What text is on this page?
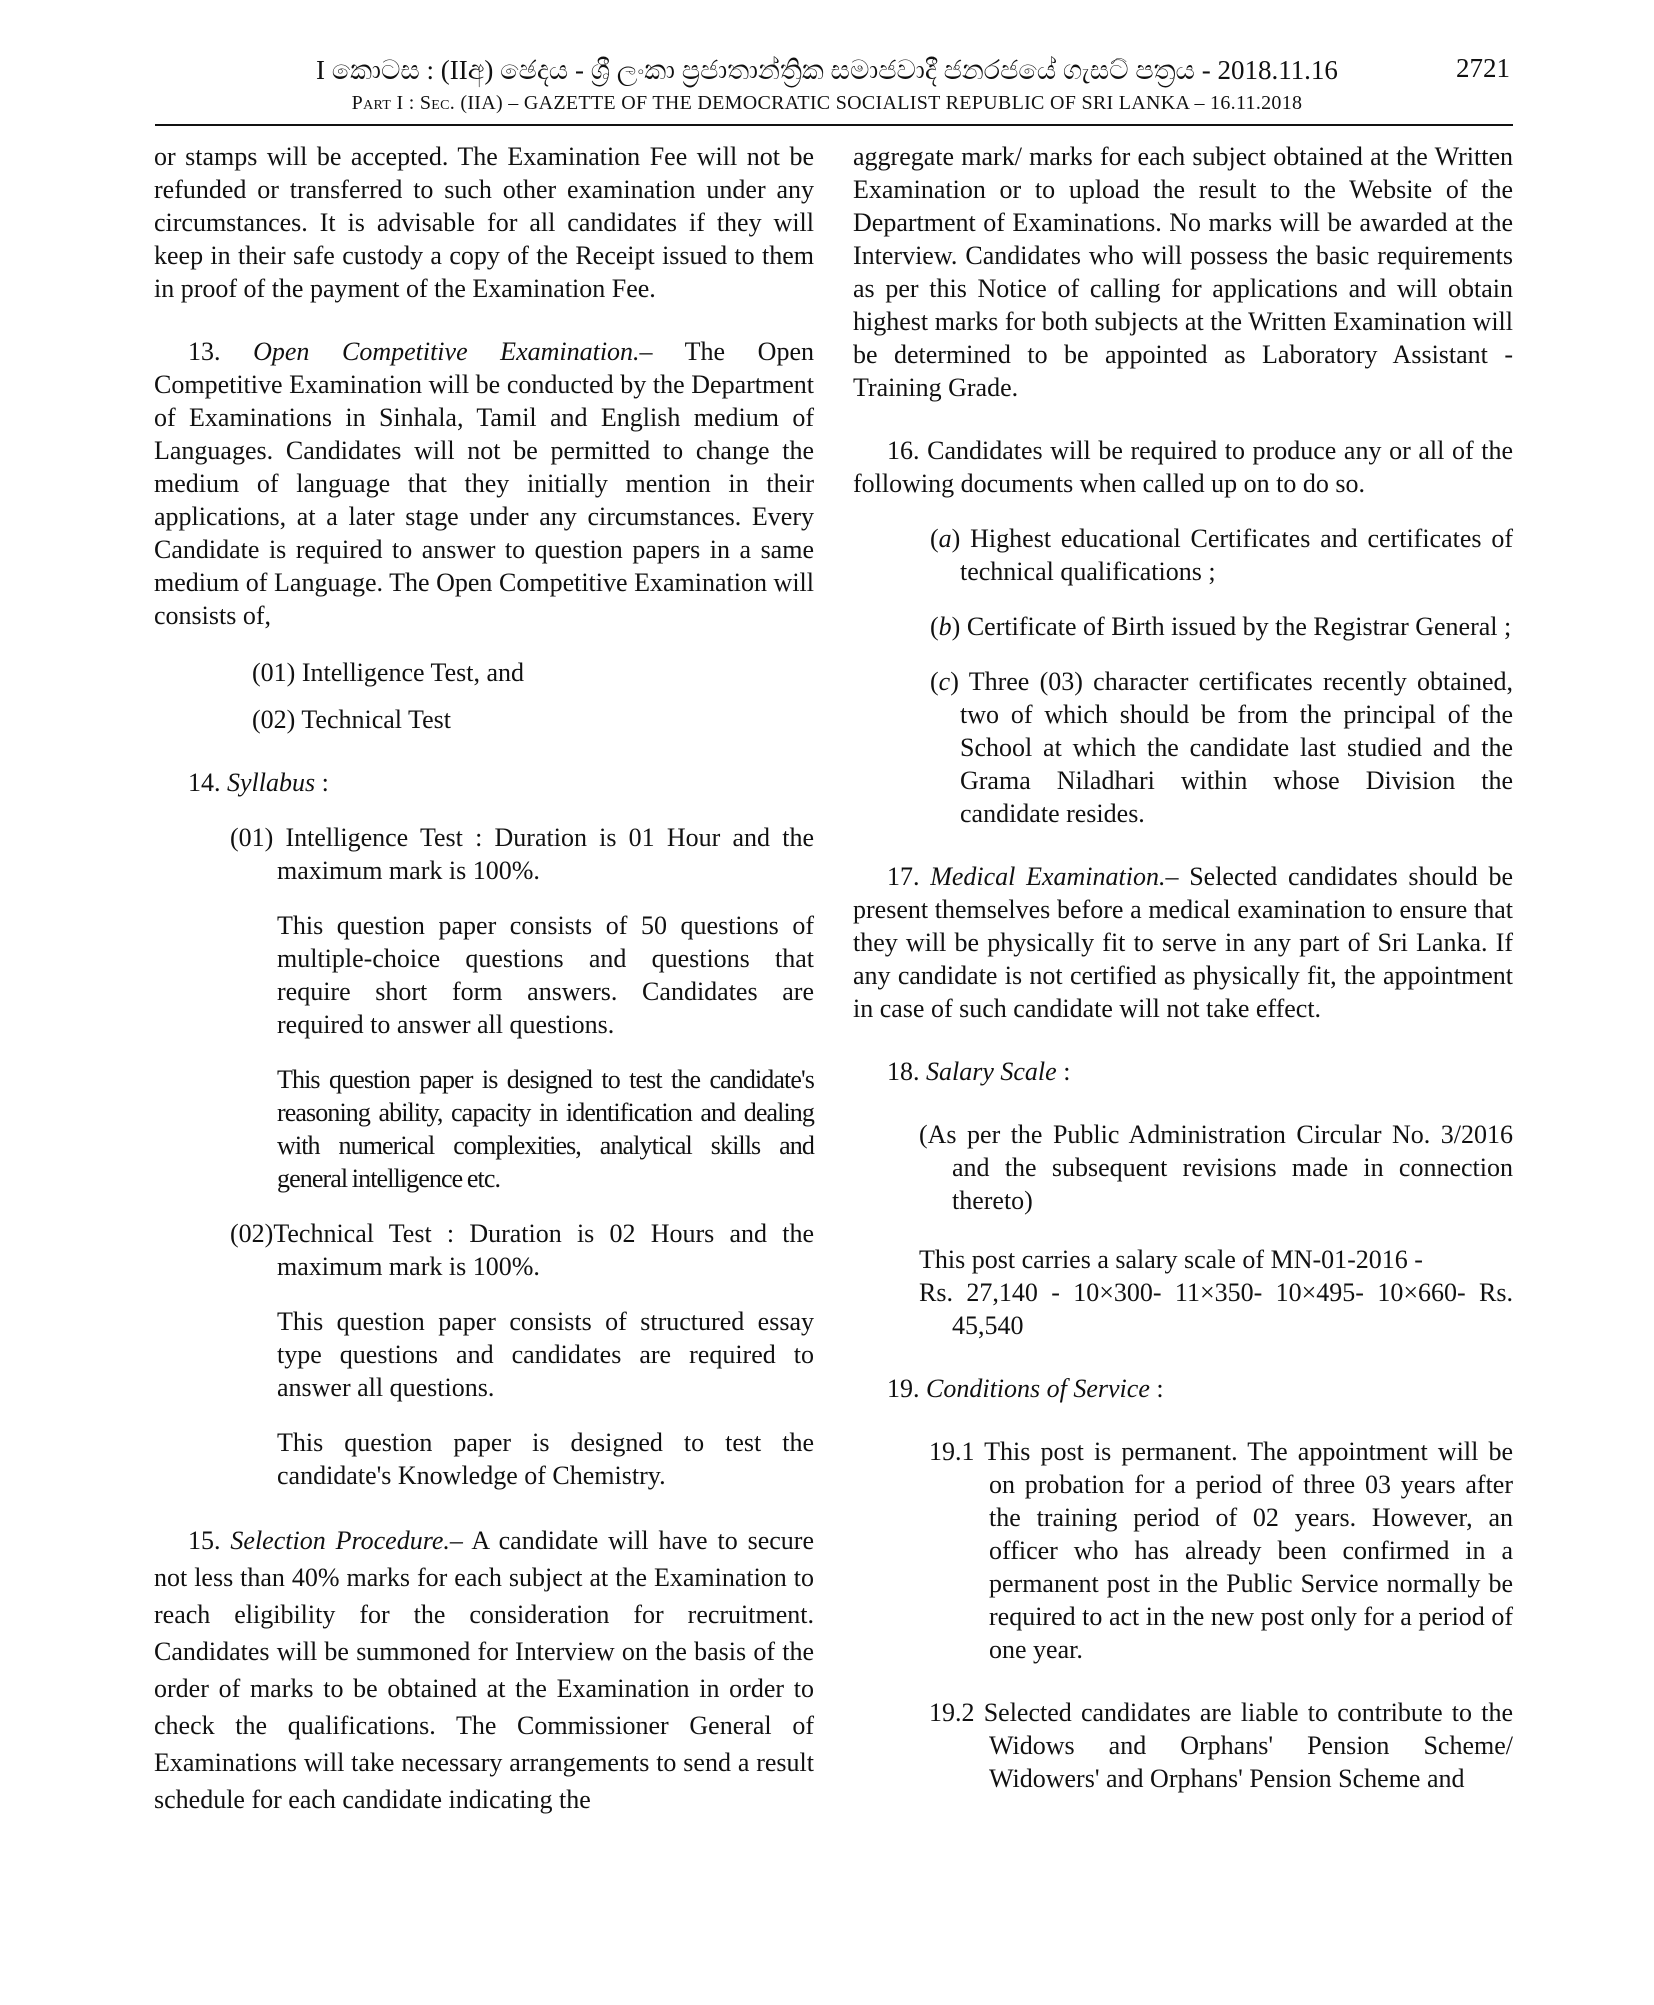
I කොටස : (IIඅ) ඡෙදය - ශ්‍රී ලංකා ප්‍රජාතාන්ත්‍රික සමාජවාදී ජනරජයේ ගැසට් පත්‍රය - 2018.11.16	2721
Part I : Sec. (IIA) – GAZETTE OF THE DEMOCRATIC SOCIALIST REPUBLIC OF SRI LANKA – 16.11.2018

or stamps will be accepted. The Examination Fee will not be refunded or transferred to such other examination under any circumstances. It is advisable for all candidates if they will keep in their safe custody a copy of the Receipt issued to them in proof of the payment of the Examination Fee.

13. Open Competitive Examination.– The Open Competitive Examination will be conducted by the Department of Examinations in Sinhala, Tamil and English medium of Languages. Candidates will not be permitted to change the medium of language that they initially mention in their applications, at a later stage under any circumstances. Every Candidate is required to answer to question papers in a same medium of Language. The Open Competitive Examination will consists of,

(01) Intelligence Test, and

(02) Technical Test

14. Syllabus :

(01) Intelligence Test : Duration is 01 Hour and the maximum mark is 100%.

This question paper consists of 50 questions of multiple-choice questions and questions that require short form answers. Candidates are required to answer all questions.

This question paper is designed to test the candidate's reasoning ability, capacity in identification and dealing with numerical complexities, analytical skills and general intelligence etc.

(02)Technical Test : Duration is 02 Hours and the maximum mark is 100%.

This question paper consists of structured essay type questions and candidates are required to answer all questions.

This question paper is designed to test the candidate's Knowledge of Chemistry.

15. Selection Procedure.– A candidate will have to secure not less than 40% marks for each subject at the Examination to reach eligibility for the consideration for recruitment. Candidates will be summoned for Interview on the basis of the order of marks to be obtained at the Examination in order to check the qualifications. The Commissioner General of Examinations will take necessary arrangements to send a result schedule for each candidate indicating the

aggregate mark/ marks for each subject obtained at the Written Examination or to upload the result to the Website of the Department of Examinations. No marks will be awarded at the Interview. Candidates who will possess the basic requirements as per this Notice of calling for applications and will obtain highest marks for both subjects at the Written Examination will be determined to be appointed as Laboratory Assistant -Training Grade.

16. Candidates will be required to produce any or all of the following documents when called up on to do so.

(a) Highest educational Certificates and certificates of technical qualifications ;

(b) Certificate of Birth issued by the Registrar General ;

(c) Three (03) character certificates recently obtained, two of which should be from the principal of the School at which the candidate last studied and the Grama Niladhari within whose Division the candidate resides.

17. Medical Examination.– Selected candidates should be present themselves before a medical examination to ensure that they will be physically fit to serve in any part of Sri Lanka. If any candidate is not certified as physically fit, the appointment in case of such candidate will not take effect.

18. Salary Scale :

(As per the Public Administration Circular No. 3/2016 and the subsequent revisions made in connection thereto)

This post carries a salary scale of MN-01-2016 -

Rs. 27,140 - 10×300- 11×350- 10×495- 10×660- Rs. 45,540

19. Conditions of Service :

19.1 This post is permanent. The appointment will be on probation for a period of three 03 years after the training period of 02 years. However, an officer who has already been confirmed in a permanent post in the Public Service normally be required to act in the new post only for a period of one year.

19.2 Selected candidates are liable to contribute to the Widows and Orphans' Pension Scheme/ Widowers' and Orphans' Pension Scheme and
